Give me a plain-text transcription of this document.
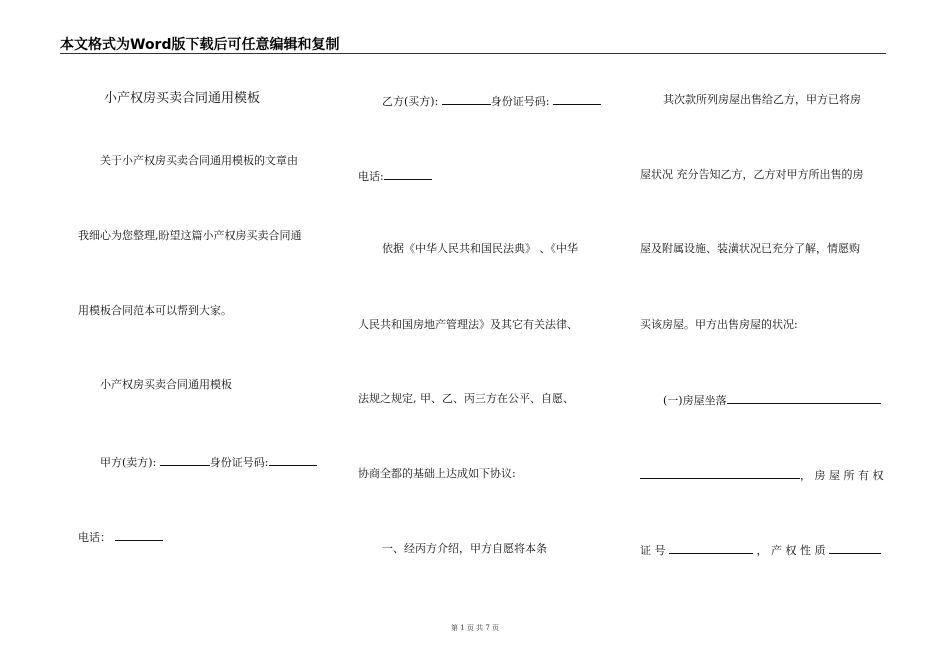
本文格式为Word版下载后可任意编辑和复制
小产权房买卖合同通用模板
关于小产权房买卖合同通用模板的文章由
我细心为您整理,盼望这篇小产权房买卖合同通
用模板合同范本可以帮到大家。
小产权房买卖合同通用模板
甲方(卖方):	身份证号码:
电话：
乙方(买方):	身份证号码:
电话:
依据《中华人民共和国民法典》 、《中华
人民共和国房地产管理法》及其它有关法律、
法规之规定, 甲、乙、丙三方在公平、自愿、
协商全都的基础上达成如下协议:
一、经丙方介绍，甲方自愿将本条
其次款所列房屋出售给乙方，甲方已将房
屋状况 充分告知乙方，乙方对甲方所出售的房
屋及附属设施、装潢状况已充分了解，情愿购
买该房屋。甲方出售房屋的状况:
(一)房屋坐落
， 房 屋 所 有 权
证 号	， 产 权 性 质
第 1 页 共 7 页
